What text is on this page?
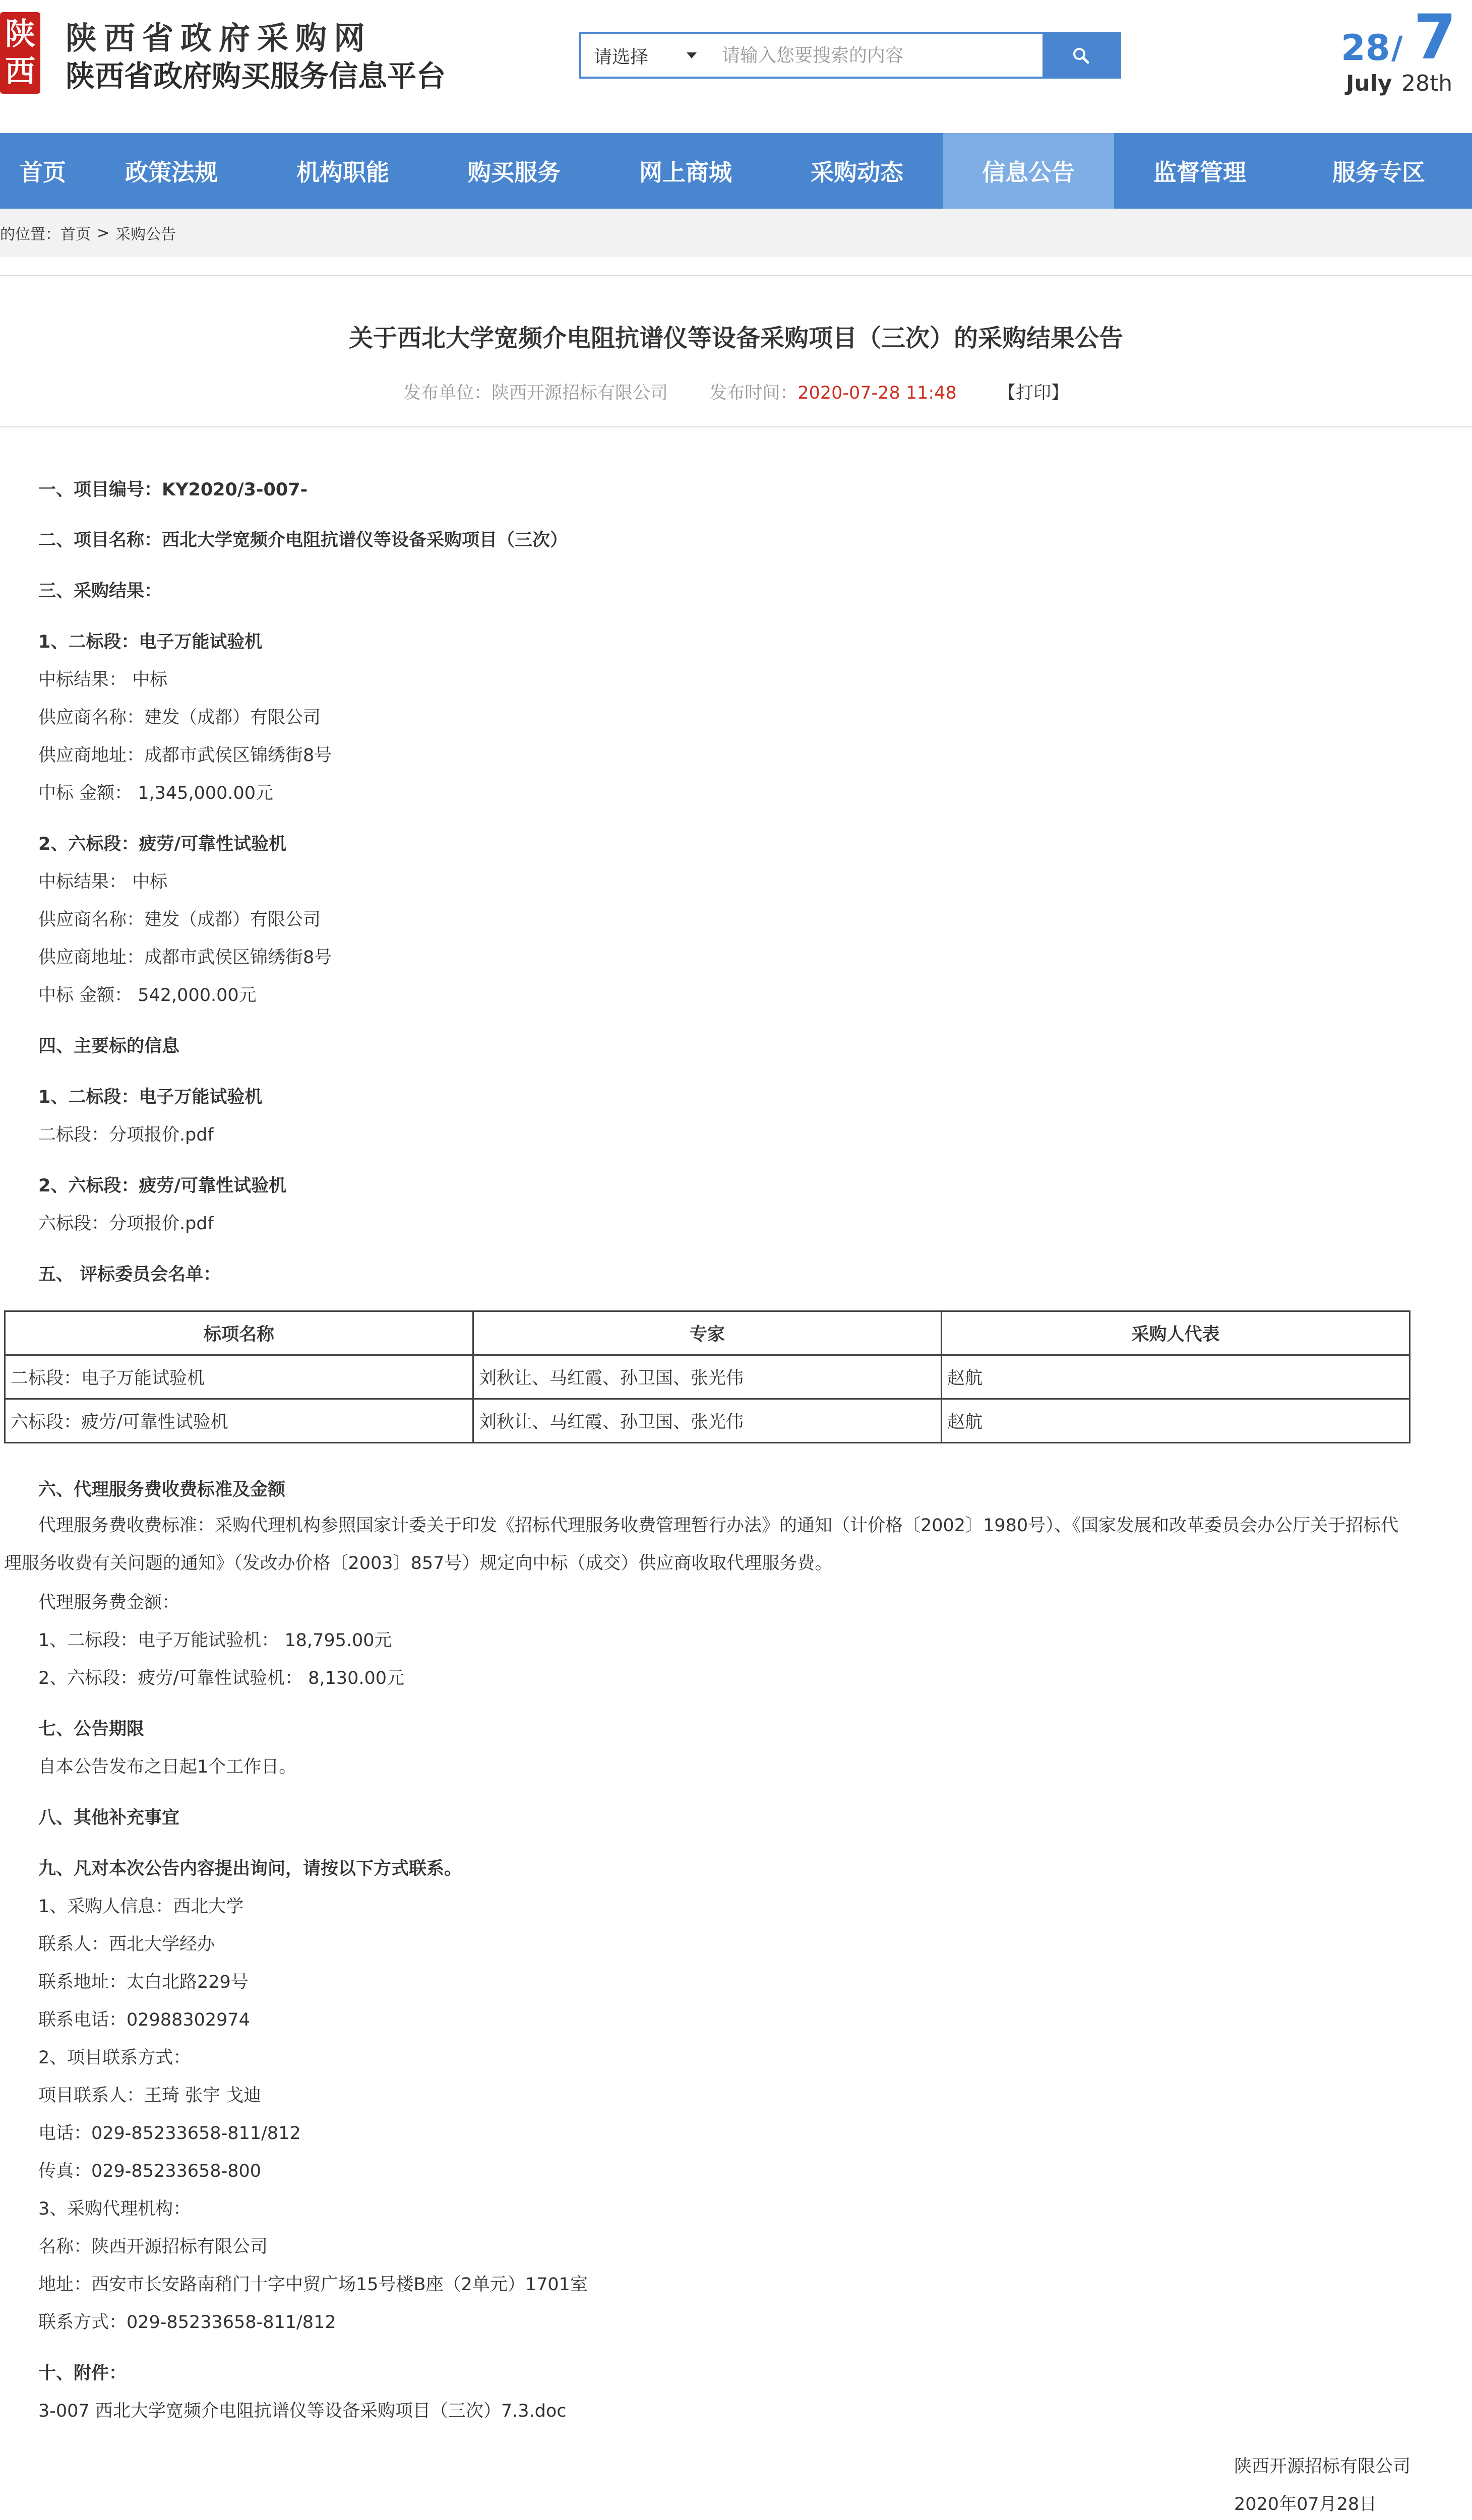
陕
西
陕西省政府采购网
陕西省政府购买服务信息平台
请选择
请输入您要搜索的内容	28 / 7
July 28th
首页	政策法规	机构职能	购买服务	网上商城	采购动态	信息公告	监督管理	服务专区
的位置： 首页 > 采购公告
关于西北大学宽频介电阻抗谱仪等设备采购项目（三次）的采购结果公告
发布单位：陕西开源招标有限公司 发布时间：2020-07-28 11:48 【打印】
一、项目编号：KY2020/3-007-
二、项目名称：西北大学宽频介电阻抗谱仪等设备采购项目（三次）
三、采购结果：
1、二标段：电子万能试验机
中标结果： 中标
供应商名称：建发（成都）有限公司
供应商地址：成都市武侯区锦绣街8号
中标 金额： 1,345,000.00元
2、六标段：疲劳/可靠性试验机
中标结果： 中标
供应商名称：建发（成都）有限公司
供应商地址：成都市武侯区锦绣街8号
中标 金额： 542,000.00元
四、主要标的信息
1、二标段：电子万能试验机
二标段：分项报价.pdf
2、六标段：疲劳/可靠性试验机
六标段：分项报价.pdf
五、 评标委员会名单：
标项名称	专家	采购人代表
二标段：电子万能试验机	刘秋让、马红霞、孙卫国、张光伟	赵航
六标段：疲劳/可靠性试验机	刘秋让、马红霞、孙卫国、张光伟	赵航
六、代理服务费收费标准及金额
代理服务费收费标准：采购代理机构参照国家计委关于印发《招标代理服务收费管理暂行办法》的通知（计价格〔2002〕1980号）、《国家发展和改革委员会办公厅关于招标代理服务收费有关问题的通知》（发改办价格〔2003〕857号）规定向中标（成交）供应商收取代理服务费。
代理服务费金额：
1、二标段：电子万能试验机： 18,795.00元
2、六标段：疲劳/可靠性试验机： 8,130.00元
七、公告期限
自本公告发布之日起1个工作日。
八、其他补充事宜
九、凡对本次公告内容提出询问，请按以下方式联系。
1、采购人信息：西北大学
联系人：西北大学经办
联系地址：太白北路229号
联系电话：02988302974
2、项目联系方式：
项目联系人：王琦 张宇 戈迪
电话：029-85233658-811/812
传真：029-85233658-800
3、采购代理机构：
名称：陕西开源招标有限公司
地址：西安市长安路南稍门十字中贸广场15号楼B座（2单元）1701室
联系方式：029-85233658-811/812
十、附件：
3-007 西北大学宽频介电阻抗谱仪等设备采购项目（三次）7.3.doc
陕西开源招标有限公司
2020年07月28日
